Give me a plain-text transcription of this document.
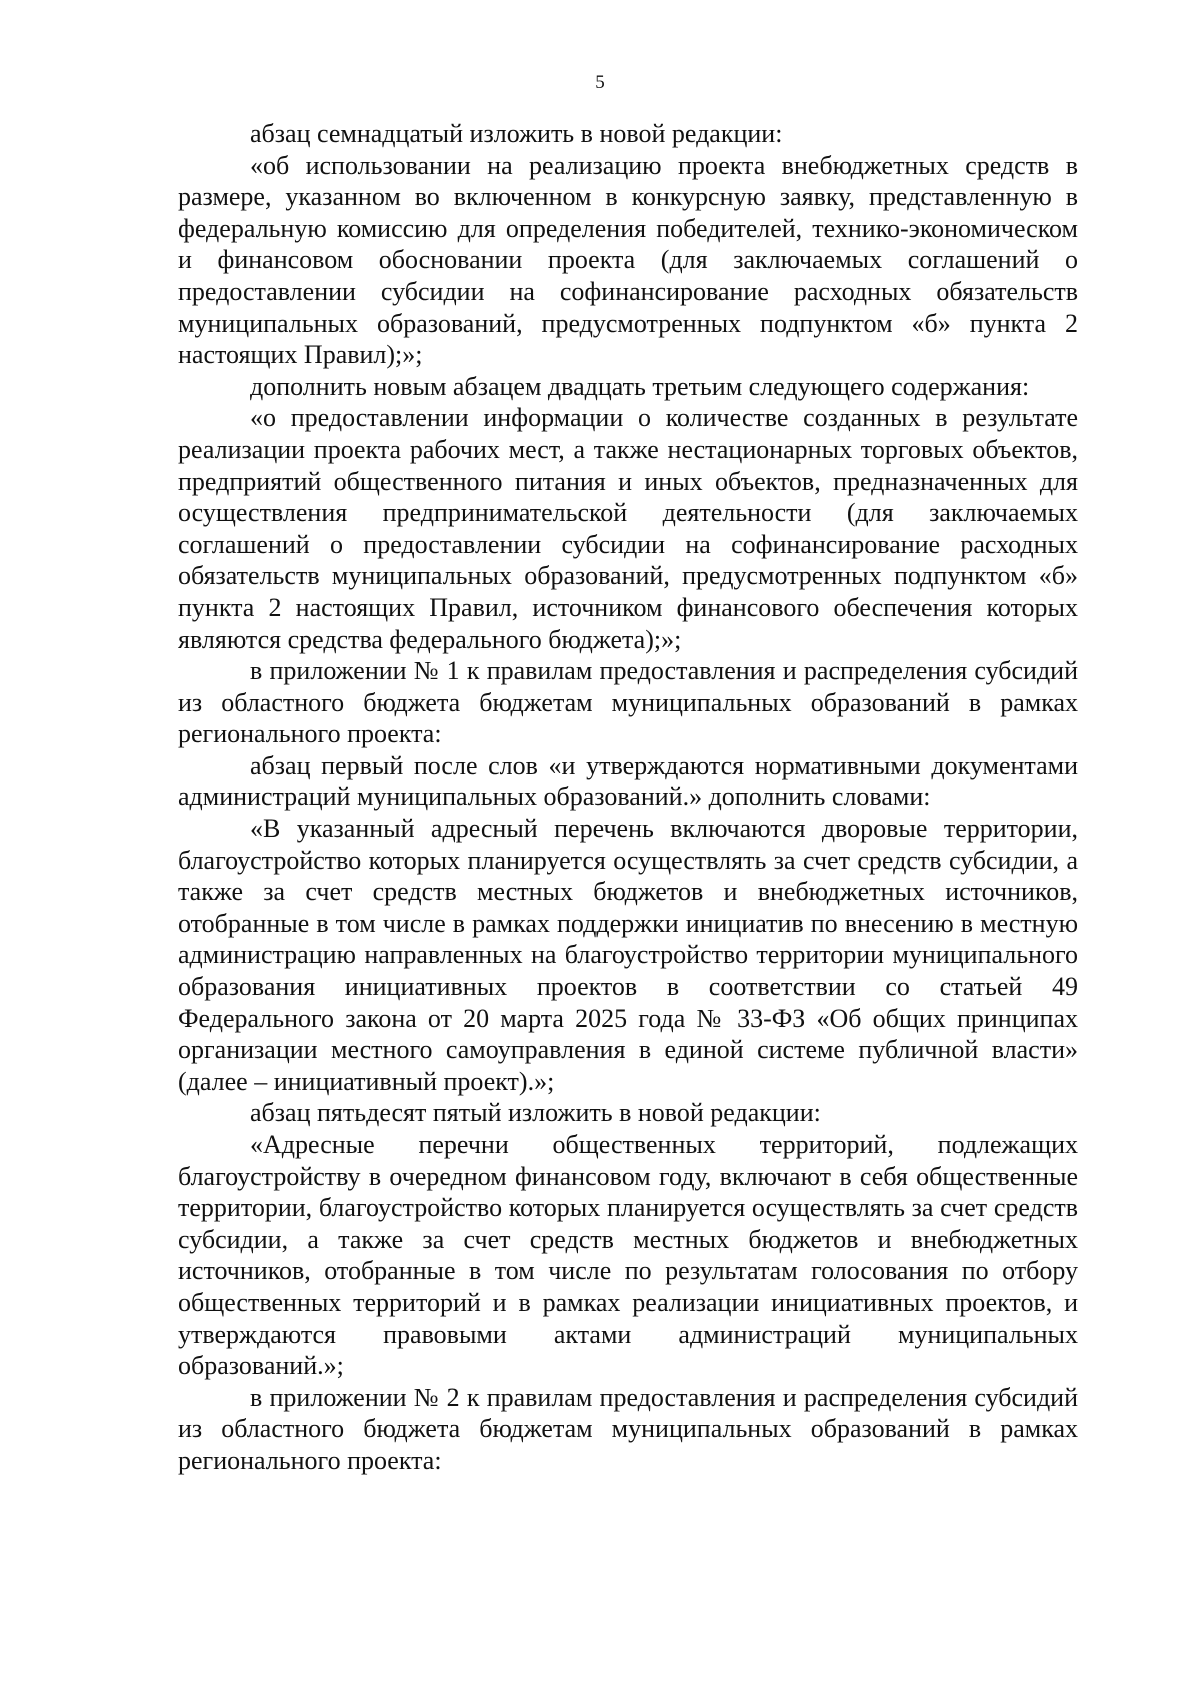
5

абзац семнадцатый изложить в новой редакции:

«об использовании на реализацию проекта внебюджетных средств в размере, указанном во включенном в конкурсную заявку, представленную в федеральную комиссию для определения победителей, технико-экономическом и финансовом обосновании проекта (для заключаемых соглашений о предоставлении субсидии на софинансирование расходных обязательств муниципальных образований, предусмотренных подпунктом «б» пункта 2 настоящих Правил);»;

дополнить новым абзацем двадцать третьим следующего содержания:

«о предоставлении информации о количестве созданных в результате реализации проекта рабочих мест, а также нестационарных торговых объектов, предприятий общественного питания и иных объектов, предназначенных для осуществления предпринимательской деятельности (для заключаемых соглашений о предоставлении субсидии на софинансирование расходных обязательств муниципальных образований, предусмотренных подпунктом «б» пункта 2 настоящих Правил, источником финансового обеспечения которых являются средства федерального бюджета);»;

в приложении № 1 к правилам предоставления и распределения субсидий из областного бюджета бюджетам муниципальных образований в рамках регионального проекта:

абзац первый после слов «и утверждаются нормативными документами администраций муниципальных образований.» дополнить словами:

«В указанный адресный перечень включаются дворовые территории, благоустройство которых планируется осуществлять за счет средств субсидии, а также за счет средств местных бюджетов и внебюджетных источников, отобранные в том числе в рамках поддержки инициатив по внесению в местную администрацию направленных на благоустройство территории муниципального образования инициативных проектов в соответствии со статьей 49 Федерального закона от 20 марта 2025 года № 33-ФЗ «Об общих принципах организации местного самоуправления в единой системе публичной власти» (далее – инициативный проект).»;

абзац пятьдесят пятый изложить в новой редакции:

«Адресные перечни общественных территорий, подлежащих благоустройству в очередном финансовом году, включают в себя общественные территории, благоустройство которых планируется осуществлять за счет средств субсидии, а также за счет средств местных бюджетов и внебюджетных источников, отобранные в том числе по результатам голосования по отбору общественных территорий и в рамках реализации инициативных проектов, и утверждаются правовыми актами администраций муниципальных образований.»;

в приложении № 2 к правилам предоставления и распределения субсидий из областного бюджета бюджетам муниципальных образований в рамках регионального проекта:
